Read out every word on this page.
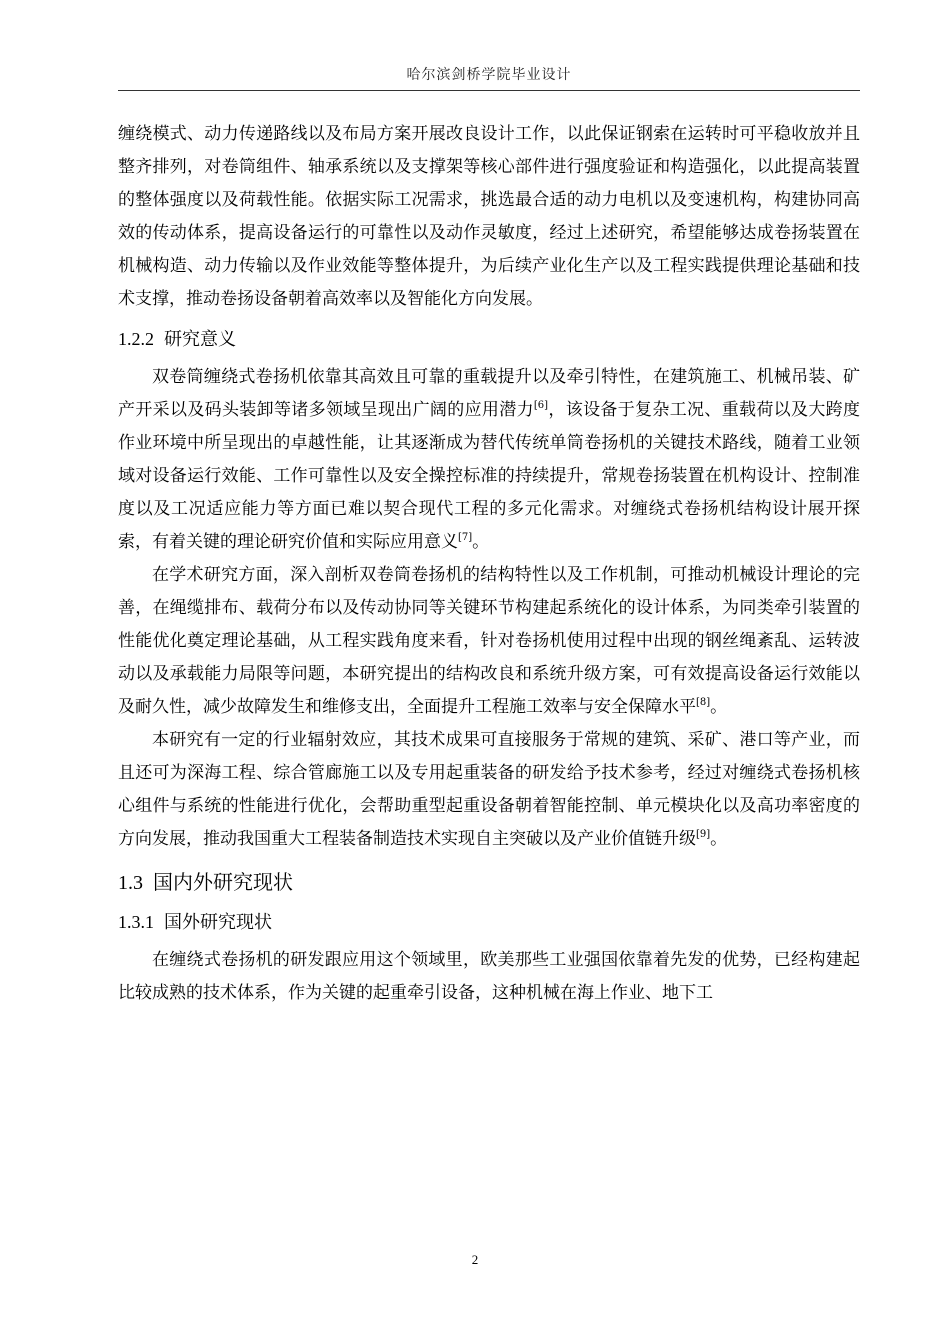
哈尔滨剑桥学院毕业设计

缠绕模式、动力传递路线以及布局方案开展改良设计工作，以此保证钢索在运转时可平稳收放并且整齐排列，对卷筒组件、轴承系统以及支撑架等核心部件进行强度验证和构造强化，以此提高装置的整体强度以及荷载性能。依据实际工况需求，挑选最合适的动力电机以及变速机构，构建协同高效的传动体系，提高设备运行的可靠性以及动作灵敏度，经过上述研究，希望能够达成卷扬装置在机械构造、动力传输以及作业效能等整体提升，为后续产业化生产以及工程实践提供理论基础和技术支撑，推动卷扬设备朝着高效率以及智能化方向发展。

1.2.2 研究意义

双卷筒缠绕式卷扬机依靠其高效且可靠的重载提升以及牵引特性，在建筑施工、机械吊装、矿产开采以及码头装卸等诸多领域呈现出广阔的应用潜力[6]，该设备于复杂工况、重载荷以及大跨度作业环境中所呈现出的卓越性能，让其逐渐成为替代传统单筒卷扬机的关键技术路线，随着工业领域对设备运行效能、工作可靠性以及安全操控标准的持续提升，常规卷扬装置在机构设计、控制准度以及工况适应能力等方面已难以契合现代工程的多元化需求。对缠绕式卷扬机结构设计展开探索，有着关键的理论研究价值和实际应用意义[7]。

在学术研究方面，深入剖析双卷筒卷扬机的结构特性以及工作机制，可推动机械设计理论的完善，在绳缆排布、载荷分布以及传动协同等关键环节构建起系统化的设计体系，为同类牵引装置的性能优化奠定理论基础，从工程实践角度来看，针对卷扬机使用过程中出现的钢丝绳紊乱、运转波动以及承载能力局限等问题，本研究提出的结构改良和系统升级方案，可有效提高设备运行效能以及耐久性，减少故障发生和维修支出，全面提升工程施工效率与安全保障水平[8]。

本研究有一定的行业辐射效应，其技术成果可直接服务于常规的建筑、采矿、港口等产业，而且还可为深海工程、综合管廊施工以及专用起重装备的研发给予技术参考，经过对缠绕式卷扬机核心组件与系统的性能进行优化，会帮助重型起重设备朝着智能控制、单元模块化以及高功率密度的方向发展，推动我国重大工程装备制造技术实现自主突破以及产业价值链升级[9]。

1.3 国内外研究现状
1.3.1 国外研究现状

在缠绕式卷扬机的研发跟应用这个领域里，欧美那些工业强国依靠着先发的优势，已经构建起比较成熟的技术体系，作为关键的起重牵引设备，这种机械在海上作业、地下工

2
